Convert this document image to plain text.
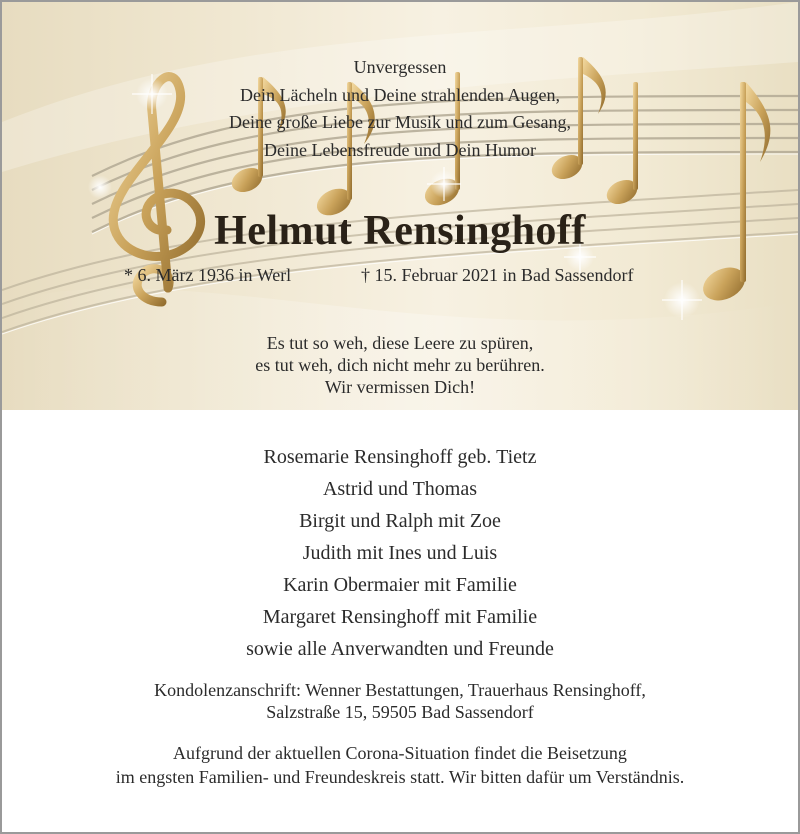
Unvergessen
Dein Lächeln und Deine strahlenden Augen,
Deine große Liebe zur Musik und zum Gesang,
Deine Lebensfreude und Dein Humor
Helmut Rensinghoff
* 6. März 1936 in Werl	† 15. Februar 2021 in Bad Sassendorf
Es tut so weh, diese Leere zu spüren,
es tut weh, dich nicht mehr zu berühren.
Wir vermissen Dich!
Rosemarie Rensinghoff geb. Tietz
Astrid und Thomas
Birgit und Ralph mit Zoe
Judith mit Ines und Luis
Karin Obermaier mit Familie
Margaret Rensinghoff mit Familie
sowie alle Anverwandten und Freunde
Kondolenzanschrift: Wenner Bestattungen, Trauerhaus Rensinghoff,
Salzstraße 15, 59505 Bad Sassendorf
Aufgrund der aktuellen Corona-Situation findet die Beisetzung
im engsten Familien- und Freundeskreis statt. Wir bitten dafür um Verständnis.
